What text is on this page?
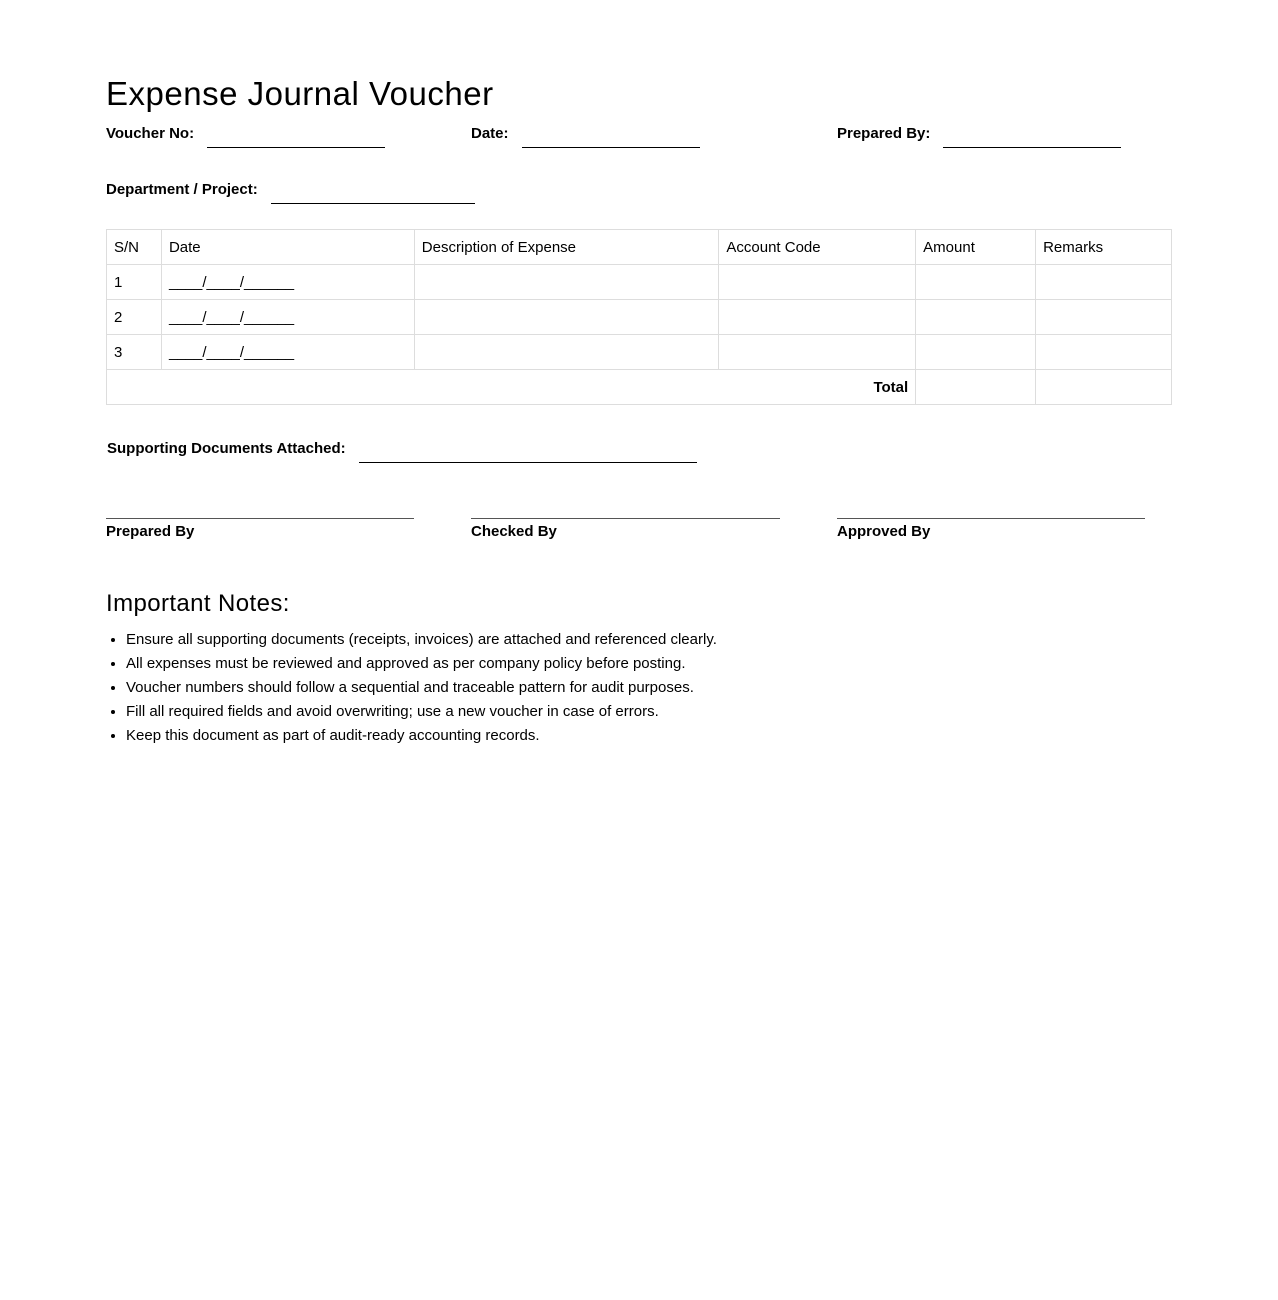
Expense Journal Voucher
Voucher No:	Date:	Prepared By:
Department / Project:
S/N	Date	Description of Expense	Account Code	Amount	Remarks
1	____/____/______				
2	____/____/______				
3	____/____/______				
Total					
Supporting Documents Attached:
Prepared By	Checked By	Approved By
Important Notes:
• Ensure all supporting documents (receipts, invoices) are attached and referenced clearly.
• All expenses must be reviewed and approved as per company policy before posting.
• Voucher numbers should follow a sequential and traceable pattern for audit purposes.
• Fill all required fields and avoid overwriting; use a new voucher in case of errors.
• Keep this document as part of audit-ready accounting records.
